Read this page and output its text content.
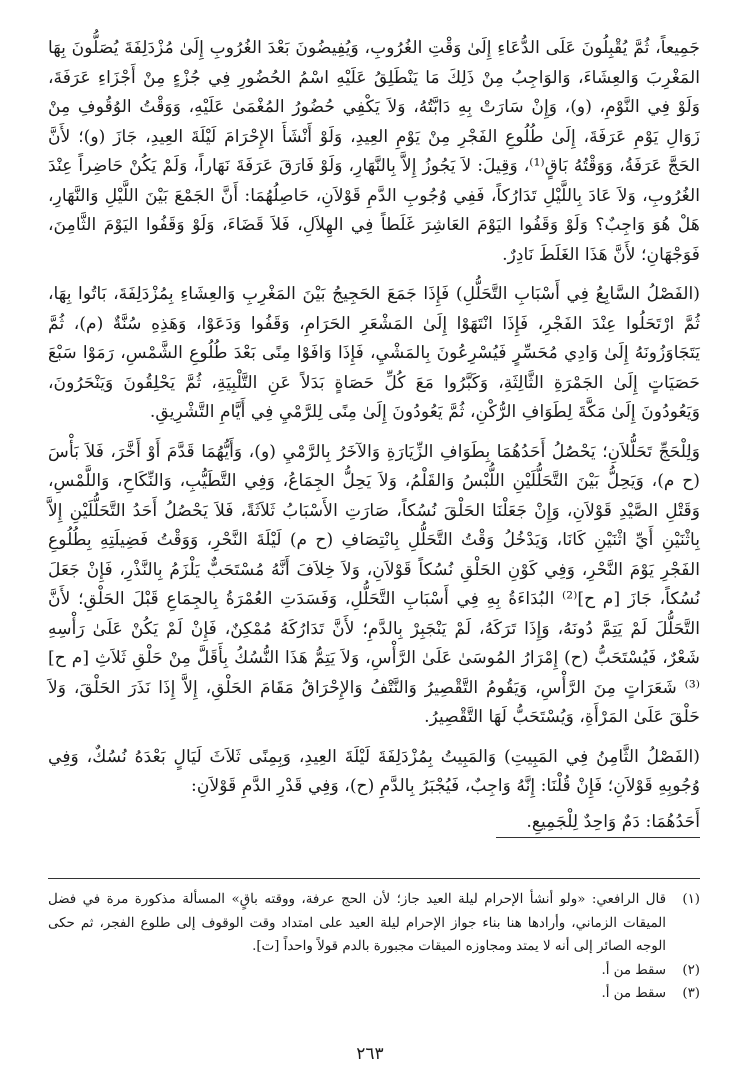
جَمِيعاً، ثُمَّ يُقْبِلُونَ عَلَى الدُّعَاءِ إِلَىٰ وَقْتِ الغُرُوبِ، وَيُفِيضُونَ بَعْدَ الغُرُوبِ إِلَىٰ مُزْدَلِفَةَ يُصَلُّونَ بِهَا المَغْرِبَ وَالعِشَاءَ، وَالوَاجِبُ مِنْ ذَلِكَ مَا يَنْطَلِقُ عَلَيْهِ اسْمُ الحُضُورِ فِي جُزْءٍ مِنْ أَجْزَاءِ عَرَفَةَ، وَلَوْ فِي النَّوْمِ، (و)، وَإِنْ سَارَتْ بِهِ دَابَّتُهُ، وَلاَ يَكْفِي حُضُورُ المُغْمَىٰ عَلَيْهِ، وَوَقْتُ الوُقُوفِ مِنْ زَوَالِ يَوْمِ عَرَفَةَ، إِلَىٰ طُلُوعِ الفَجْرِ مِنْ يَوْمِ العِيدِ، وَلَوْ أَنْشَأَ الإِحْرَامَ لَيْلَةَ العِيدِ، جَازَ (و)؛ لأَنَّ الحَجَّ عَرَفَةُ، وَوَقْتُهُ بَاقٍ⁽¹⁾، وَقِيلَ: لاَ يَجُوزُ إِلاَّ بِالنَّهَارِ، وَلَوْ فَارَقَ عَرَفَةَ نَهَاراً، وَلَمْ يَكُنْ حَاضِراً عِنْدَ الغُرُوبِ، وَلاَ عَادَ بِاللَّيْلِ تَدَارُكاً، فَفِي وُجُوبِ الدَّمِ قَوْلاَنِ، حَاصِلُهُمَا: أَنَّ الجَمْعَ بَيْنَ اللَّيْلِ وَالنَّهَارِ، هَلْ هُوَ وَاجِبٌ؟ وَلَوْ وَقَفُوا اليَوْمَ العَاشِرَ غَلَطاً فِي الهِلاَلِ، فَلاَ قَضَاءَ، وَلَوْ وَقَفُوا اليَوْمَ الثَّامِنَ، فَوَجْهَانِ؛ لأَنَّ هَذَا الغَلَطَ نَادِرٌ.

(الفَصْلُ السَّابِعُ فِي أَسْبَابِ التَّحَلُّلِ) فَإِذَا جَمَعَ الحَجِيجُ بَيْنَ المَغْرِبِ وَالعِشَاءِ بِمُزْدَلِفَةَ، بَاتُوا بِهَا، ثُمَّ ارْتَحَلُوا عِنْدَ الفَجْرِ، فَإِذَا انْتَهَوْا إِلَىٰ المَشْعَرِ الحَرَامِ، وَقَفُوا وَدَعَوْا، وَهَذِهِ سُنَّةٌ (م)، ثُمَّ يَتَجَاوَزُونَهُ إِلَىٰ وَادِي مُحَسِّرٍ فَيُسْرِعُونَ بِالمَشْيِ، فَإِذَا وَافَوْا مِنًى بَعْدَ طُلُوعِ الشَّمْسِ، رَمَوْا سَبْعَ حَصَيَاتٍ إِلَىٰ الجَمْرَةِ الثَّالِثَةِ، وَكَبَّرُوا مَعَ كُلِّ حَصَاةٍ بَدَلاً عَنِ التَّلْبِيَةِ، ثُمَّ يَحْلِقُونَ وَيَنْحَرُونَ، وَيَعُودُونَ إِلَىٰ مَكَّةَ لِطَوَافِ الرُّكْنِ، ثُمَّ يَعُودُونَ إِلَىٰ مِنًى لِلرَّمْيِ فِي أَيَّامِ التَّشْرِيقِ.

وَلِلْحَجِّ تَحَلُّلاَنِ؛ يَحْصُلُ أَحَدُهُمَا بِطَوَافِ الزِّيَارَةِ وَالآخَرُ بِالرَّمْيِ (و)، وَأَيُّهُمَا قَدَّمَ أَوْ أَخَّرَ، فَلاَ بَأْسَ (ح م)، وَيَحِلُّ بَيْنَ التَّحَلُّلَيْنِ اللُّبْسُ وَالقَلْمُ، وَلاَ يَحِلُّ الجِمَاعُ، وَفِي التَّطَيُّبِ، وَالنِّكَاحِ، وَاللَّمْسِ، وَقَتْلِ الصَّيْدِ قَوْلاَنِ، وَإِنْ جَعَلْنَا الحَلْقَ نُسُكاً، صَارَتِ الأَسْبَابُ ثَلاَثَةً، فَلاَ يَحْصُلُ أَحَدُ التَّحَلُّلَيْنِ إِلاَّ بِاثْنَيْنِ أَيِّ اثْنَيْنِ كَانَا، وَيَدْخُلُ وَقْتُ التَّحَلُّلِ بِانْتِصَافِ (ح م) لَيْلَةَ النَّحْرِ، وَوَقْتُ فَضِيلَتِهِ بِطُلُوعِ الفَجْرِ يَوْمَ النَّحْرِ، وَفِي كَوْنِ الحَلْقِ نُسُكاً قَوْلاَنِ، وَلاَ خِلاَفَ أَنَّهُ مُسْتَحَبٌّ يَلْزَمُ بِالنَّذْرِ، فَإِنْ جَعَلَ نُسُكاً، جَازَ [م ح]⁽²⁾ البُدَاءَةُ بِهِ فِي أَسْبَابِ التَّحَلُّلِ، وَفَسَدَتِ العُمْرَةُ بِالجِمَاعِ قَبْلَ الحَلْقِ؛ لأَنَّ التَّحَلُّلَ لَمْ يَتِمَّ دُونَهُ، وَإِذَا تَرَكَهُ، لَمْ يَنْجَبِرْ بِالدَّمِ؛ لأَنَّ تَدَارُكَهُ مُمْكِنٌ، فَإِنْ لَمْ يَكُنْ عَلَىٰ رَأْسِهِ شَعْرٌ، فَيُسْتَحَبُّ (ح) إِمْرَارُ المُوسَىٰ عَلَىٰ الرَّأْسِ، وَلاَ يَتِمُّ هَذَا النُّسُكُ بِأَقَلَّ مِنْ حَلْقِ ثَلاَثِ [م ح]⁽³⁾ شَعَرَاتٍ مِنَ الرَّأْسِ، وَيَقُومُ التَّقْصِيرُ وَالنَّتْفُ وَالإِحْرَاقُ مَقَامَ الحَلْقِ، إِلاَّ إِذَا نَذَرَ الحَلْقَ، وَلاَ حَلْقَ عَلَىٰ المَرْأَةِ، وَيُسْتَحَبُّ لَهَا التَّقْصِيرُ.

(الفَصْلُ الثَّامِنُ فِي المَبِيتِ) وَالمَبِيتُ بِمُزْدَلِفَةَ لَيْلَةَ العِيدِ، وَبِمِنًى ثَلاَثَ لَيَالٍ بَعْدَهُ نُسُكٌ، وَفِي وُجُوبِهِ قَوْلاَنِ؛ فَإِنْ قُلْنَا: إِنَّهُ وَاجِبٌ، فَيُجْبَرُ بِالدَّمِ (ح)، وَفِي قَدْرِ الدَّمِ قَوْلاَنِ:

أَحَدُهُمَا: دَمٌ وَاحِدٌ لِلْجَمِيعِ.

(١)
قال الرافعي: «ولو أنشأ الإحرام ليلة العيد جاز؛ لأن الحج عرفة، ووقته باقٍ» المسألة مذكورة مرة في فضل الميقات الزماني، وأرادها هنا بناء جواز الإحرام ليلة العيد على امتداد وقت الوقوف إلى طلوع الفجر، ثم حكى الوجه الصائر إلى أنه لا يمتد ومجاوزه الميقات مجبورة بالدم قولاً واحداً [ت].
(٢)
سقط من أ.
(٣)
سقط من أ.
٢٦٣
